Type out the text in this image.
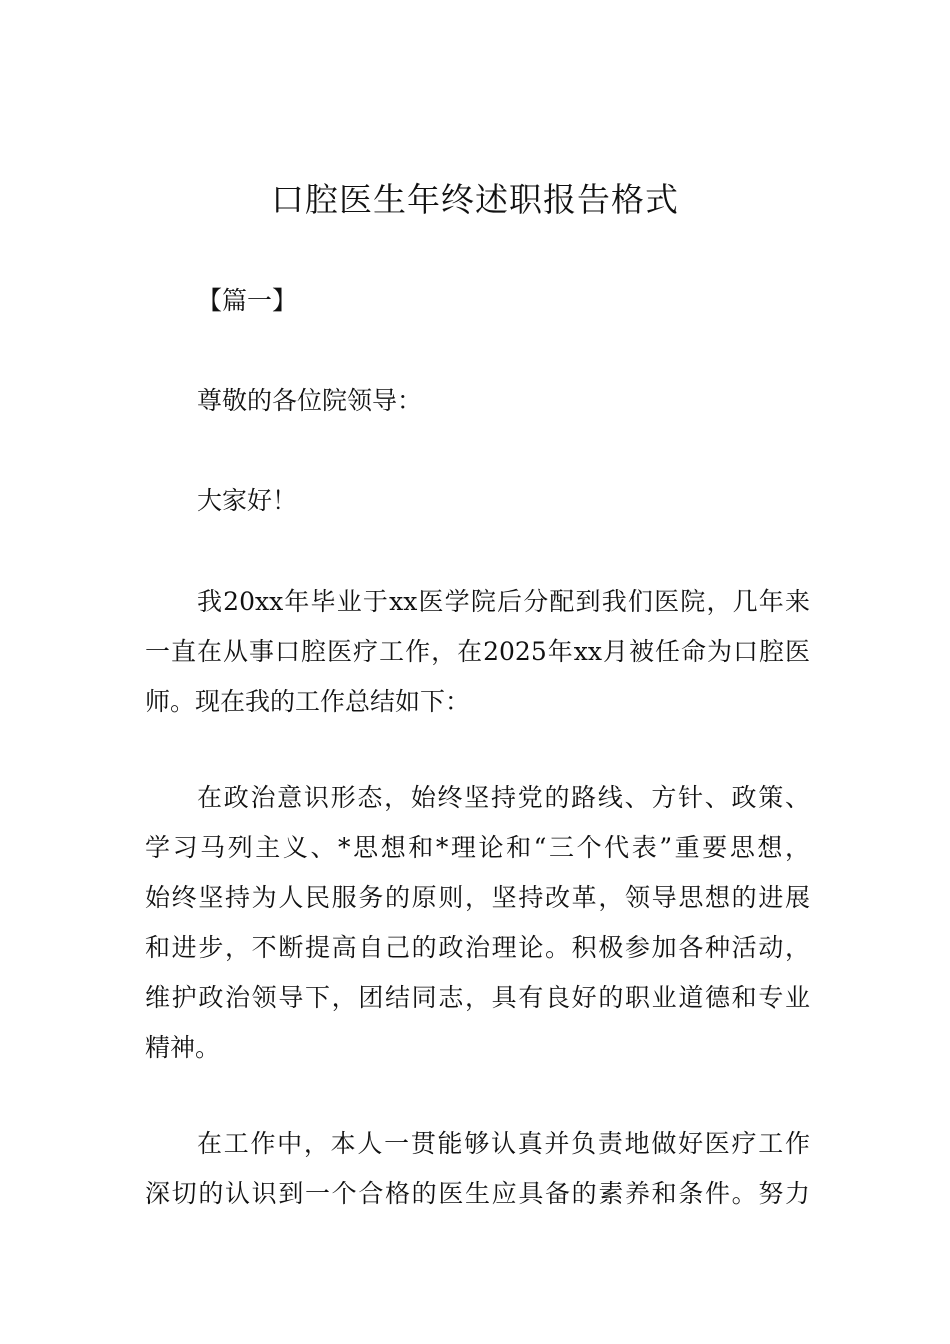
口腔医生年终述职报告格式

【篇一】

尊敬的各位院领导：

大家好！

我20xx年毕业于xx医学院后分配到我们医院，几年来

一直在从事口腔医疗工作，在2025年xx月被任命为口腔医

师。现在我的工作总结如下：

在政治意识形态，始终坚持党的路线、方针、政策、

学习马列主义、*思想和*理论和“三个代表”重要思想，

始终坚持为人民服务的原则，坚持改革，领导思想的进展

和进步，不断提高自己的政治理论。积极参加各种活动，

维护政治领导下，团结同志，具有良好的职业道德和专业

精神。

在工作中，本人一贯能够认真并负责地做好医疗工作

深切的认识到一个合格的医生应具备的素养和条件。努力
